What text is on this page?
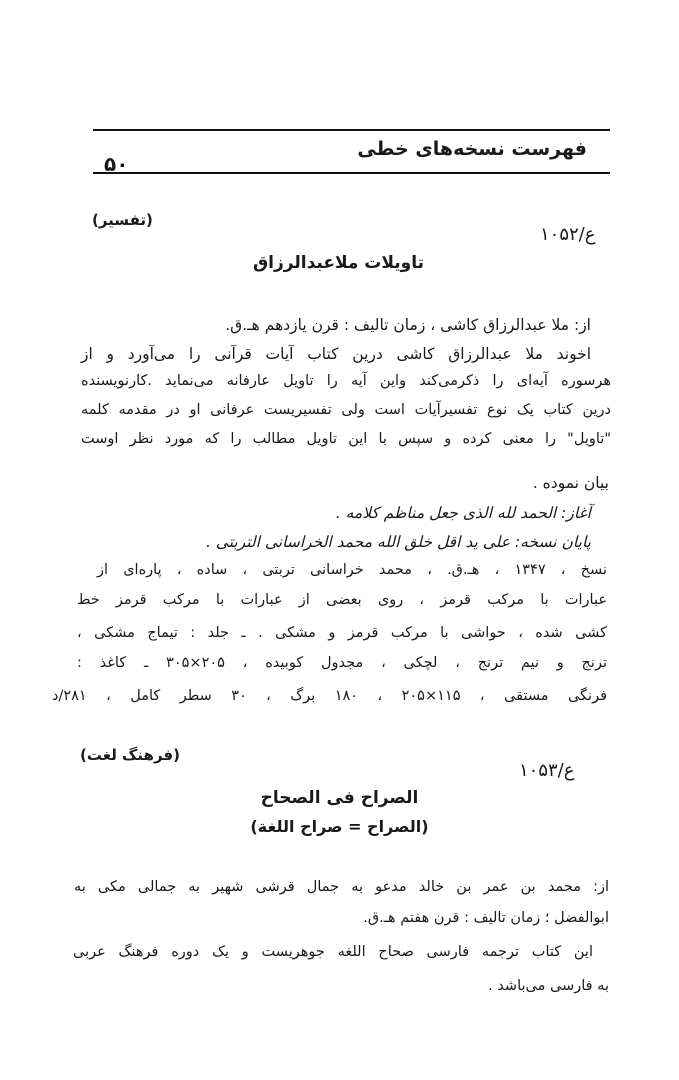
فهرست نسخه‌های خطی
۵۰
ع/۱۰۵۲
(تفسیر)
تاویلات ملاعبدالرزاق
از: ملا عبدالرزاق کاشی ، زمان تالیف : قرن یازدهم هـ.ق.
اخوند ملا عبدالرزاق کاشی درین کتاب آیات قرآنی را می‌آورد و از
هرسوره آیه‌ای را ذکرمی‌کند واین آیه را تاویل عارفانه می‌نماید .کارنویسنده
درین کتاب یک نوع تفسیرآیات است ولی تفسیریست عرفانی او در مقدمه کلمه
"تاویل" را معنی کرده و سپس با این تاویل مطالب را که مورد نظر اوست
بیان نموده .
آغاز: الحمد لله الذی جعل مناظم کلامه .
پایان نسخه: علی ید اقل خلق الله محمد الخراسانی التربتی .
نسخ ، ۱۳۴۷ ، هـ.ق. ، محمد خراسانی تربتی ، ساده ، پاره‌ای از
عبارات با مرکب قرمز ، روی بعضی از عبارات با مرکب قرمز خط
کشی شده ، حواشی با مرکب قرمز و مشکی . ـ جلد : تیماج مشکی ،
ترنج و نیم ترنج ، لچکی ، مجدول کوبیده ، ۲۰۵×۳۰۵ ـ کاغذ :
فرنگی مستقی ، ۱۱۵×۲۰۵ ، ۱۸۰ برگ ، ۳۰ سطر کامل ، ۲۸۱/د
ع/۱۰۵۳
(فرهنگ لغت)
الصراح فی الصحاح
(الصراح = صراح اللغة)
از: محمد بن عمر بن خالد مدعو به جمال قرشی شهیر به جمالی مکی به
ابوالفضل ؛ زمان تالیف : قرن هفتم هـ.ق.
این کتاب ترجمه فارسی صحاح اللغه جوهریست و یک دوره فرهنگ عربی
به فارسی می‌باشد .
